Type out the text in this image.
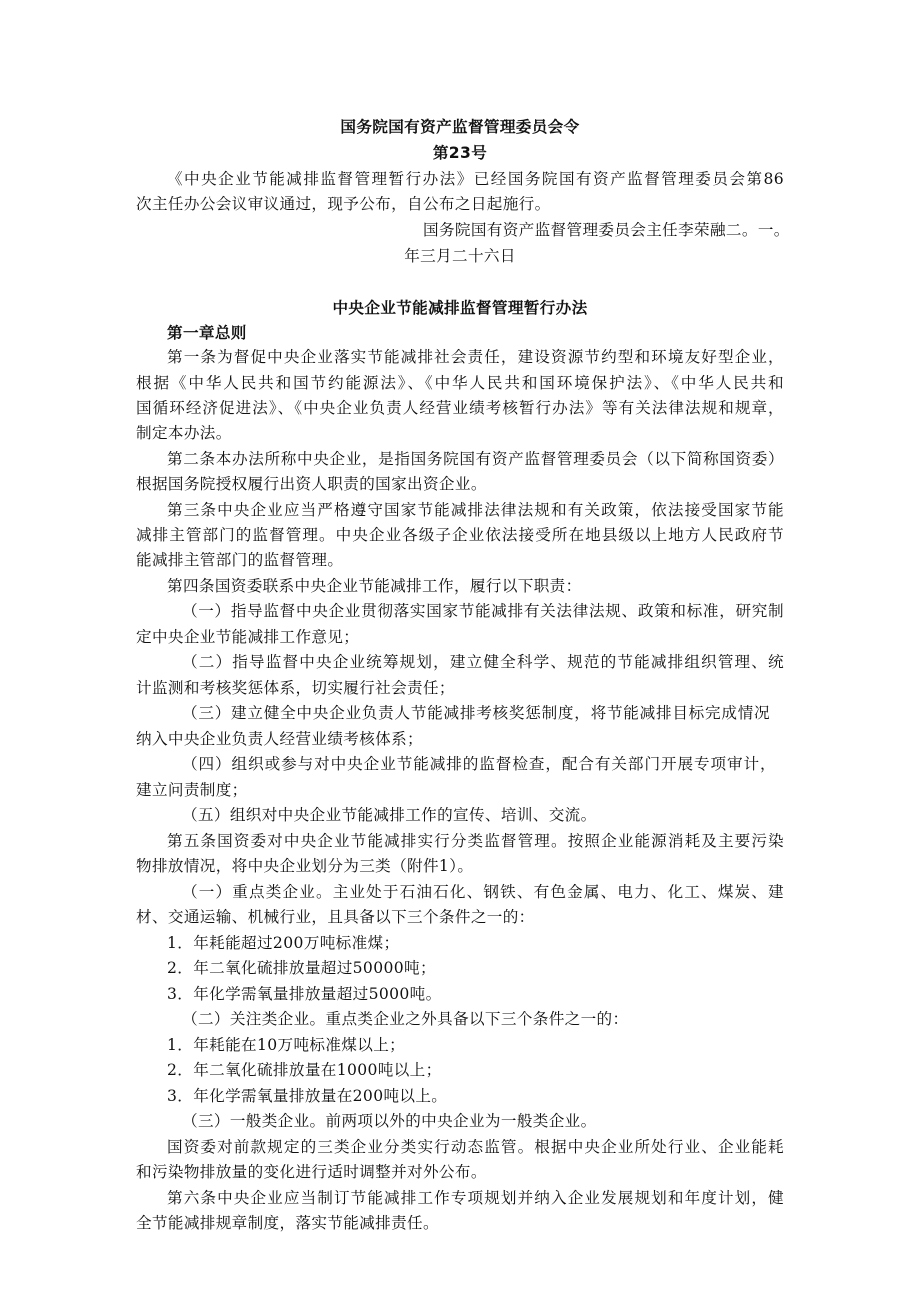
国务院国有资产监督管理委员会令

第23号

《中央企业节能减排监督管理暂行办法》已经国务院国有资产监督管理委员会第86

次主任办公会议审议通过，现予公布，自公布之日起施行。

国务院国有资产监督管理委员会主任李荣融二。一。

年三月二十六日

中央企业节能减排监督管理暂行办法

第一章总则

第一条为督促中央企业落实节能减排社会责任，建设资源节约型和环境友好型企业，

根据《中华人民共和国节约能源法》、《中华人民共和国环境保护法》、《中华人民共和

国循环经济促进法》、《中央企业负责人经营业绩考核暂行办法》等有关法律法规和规章，

制定本办法。

第二条本办法所称中央企业，是指国务院国有资产监督管理委员会（以下简称国资委）

根据国务院授权履行出资人职责的国家出资企业。

第三条中央企业应当严格遵守国家节能减排法律法规和有关政策，依法接受国家节能

减排主管部门的监督管理。中央企业各级子企业依法接受所在地县级以上地方人民政府节

能减排主管部门的监督管理。

第四条国资委联系中央企业节能减排工作，履行以下职责：

（一）指导监督中央企业贯彻落实国家节能减排有关法律法规、政策和标准，研究制

定中央企业节能减排工作意见；

（二）指导监督中央企业统筹规划，建立健全科学、规范的节能减排组织管理、统

计监测和考核奖惩体系，切实履行社会责任；

（三）建立健全中央企业负责人节能减排考核奖惩制度，将节能减排目标完成情况

纳入中央企业负责人经营业绩考核体系；

（四）组织或参与对中央企业节能减排的监督检查，配合有关部门开展专项审计，

建立问责制度；

（五）组织对中央企业节能减排工作的宣传、培训、交流。

第五条国资委对中央企业节能减排实行分类监督管理。按照企业能源消耗及主要污染

物排放情况，将中央企业划分为三类（附件1）。

（一）重点类企业。主业处于石油石化、钢铁、有色金属、电力、化工、煤炭、建

材、交通运输、机械行业，且具备以下三个条件之一的：

1．年耗能超过200万吨标准煤；

2．年二氧化硫排放量超过50000吨；

3．年化学需氧量排放量超过5000吨。

（二）关注类企业。重点类企业之外具备以下三个条件之一的：

1．年耗能在10万吨标准煤以上；

2．年二氧化硫排放量在1000吨以上；

3．年化学需氧量排放量在200吨以上。

（三）一般类企业。前两项以外的中央企业为一般类企业。

国资委对前款规定的三类企业分类实行动态监管。根据中央企业所处行业、企业能耗

和污染物排放量的变化进行适时调整并对外公布。

第六条中央企业应当制订节能减排工作专项规划并纳入企业发展规划和年度计划，健

全节能减排规章制度，落实节能减排责任。
